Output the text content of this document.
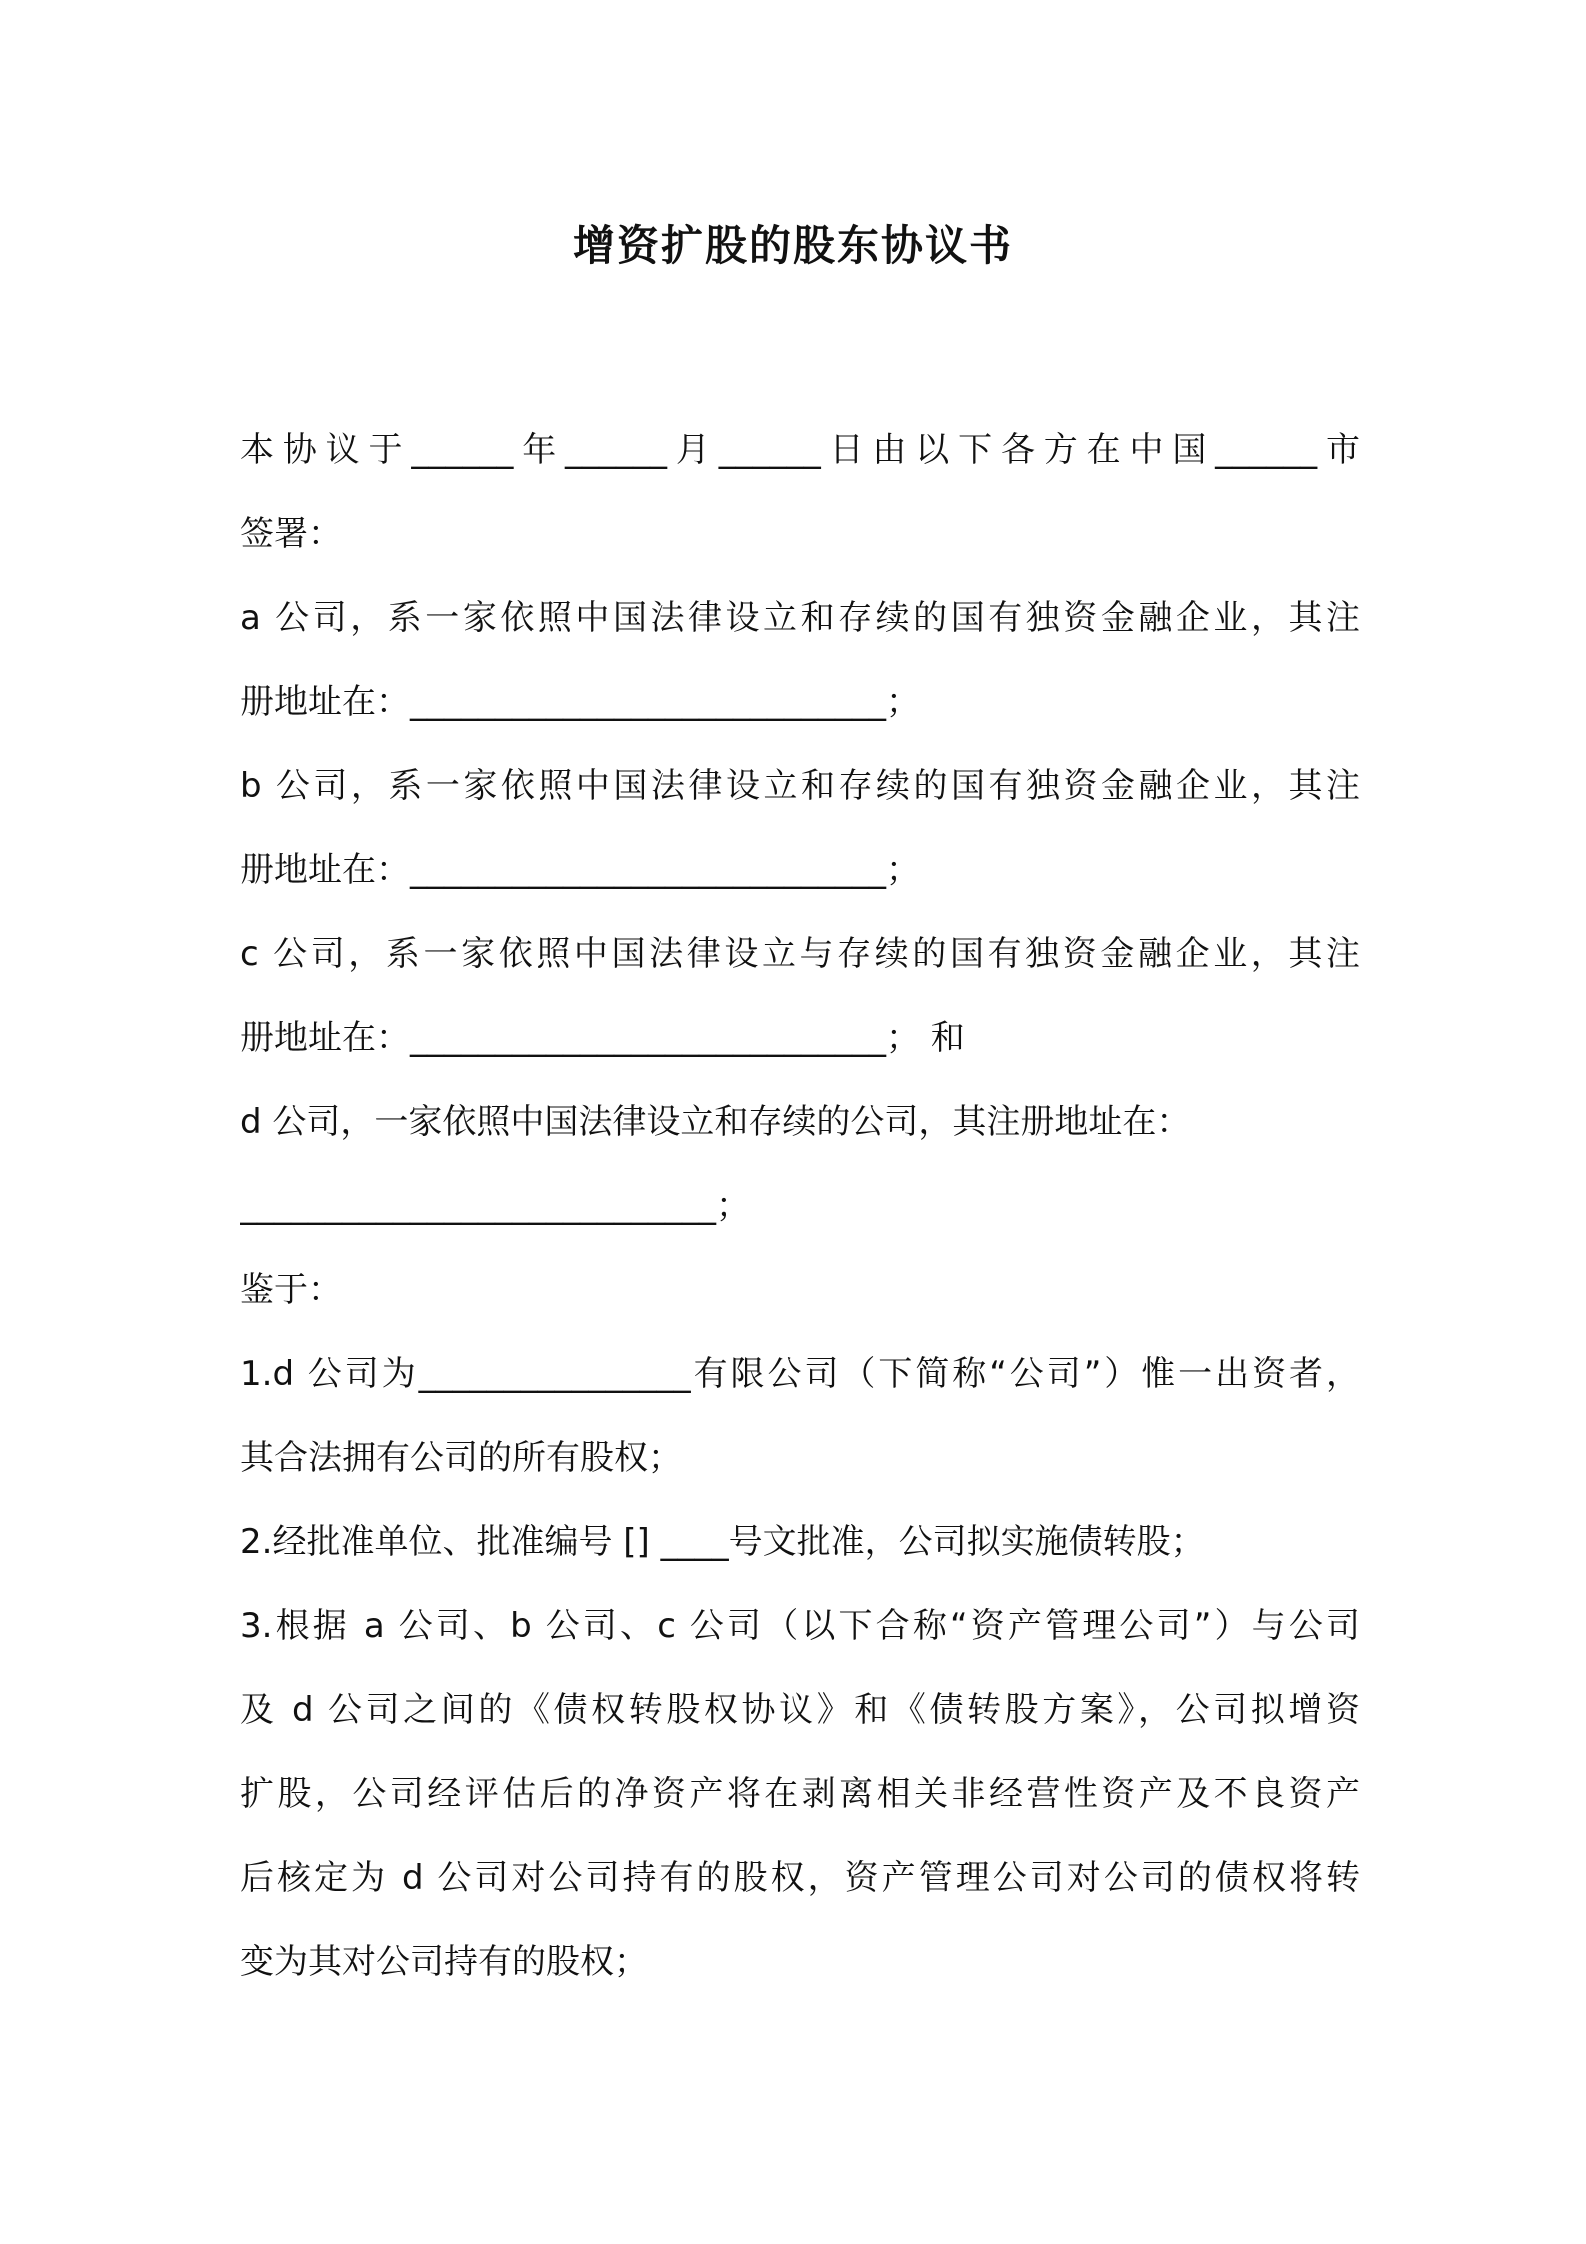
增资扩股的股东协议书
本协议于______年______月______日由以下各方在中国______市
签署：
a 公司，系一家依照中国法律设立和存续的国有独资金融企业，其注
册地址在：____________________________；
b 公司，系一家依照中国法律设立和存续的国有独资金融企业，其注
册地址在：____________________________；
c 公司，系一家依照中国法律设立与存续的国有独资金融企业，其注
册地址在：____________________________； 和
d 公司，一家依照中国法律设立和存续的公司，其注册地址在：
____________________________；
鉴于：
1.d 公司为________________有限公司（下简称“公司”）惟一出资者，
其合法拥有公司的所有股权；
2.经批准单位、批准编号 [] ____号文批准，公司拟实施债转股；
3.根据 a 公司、b 公司、c 公司（以下合称“资产管理公司”）与公司
及 d 公司之间的《债权转股权协议》和《债转股方案》，公司拟增资
扩股，公司经评估后的净资产将在剥离相关非经营性资产及不良资产
后核定为 d 公司对公司持有的股权，资产管理公司对公司的债权将转
变为其对公司持有的股权；
